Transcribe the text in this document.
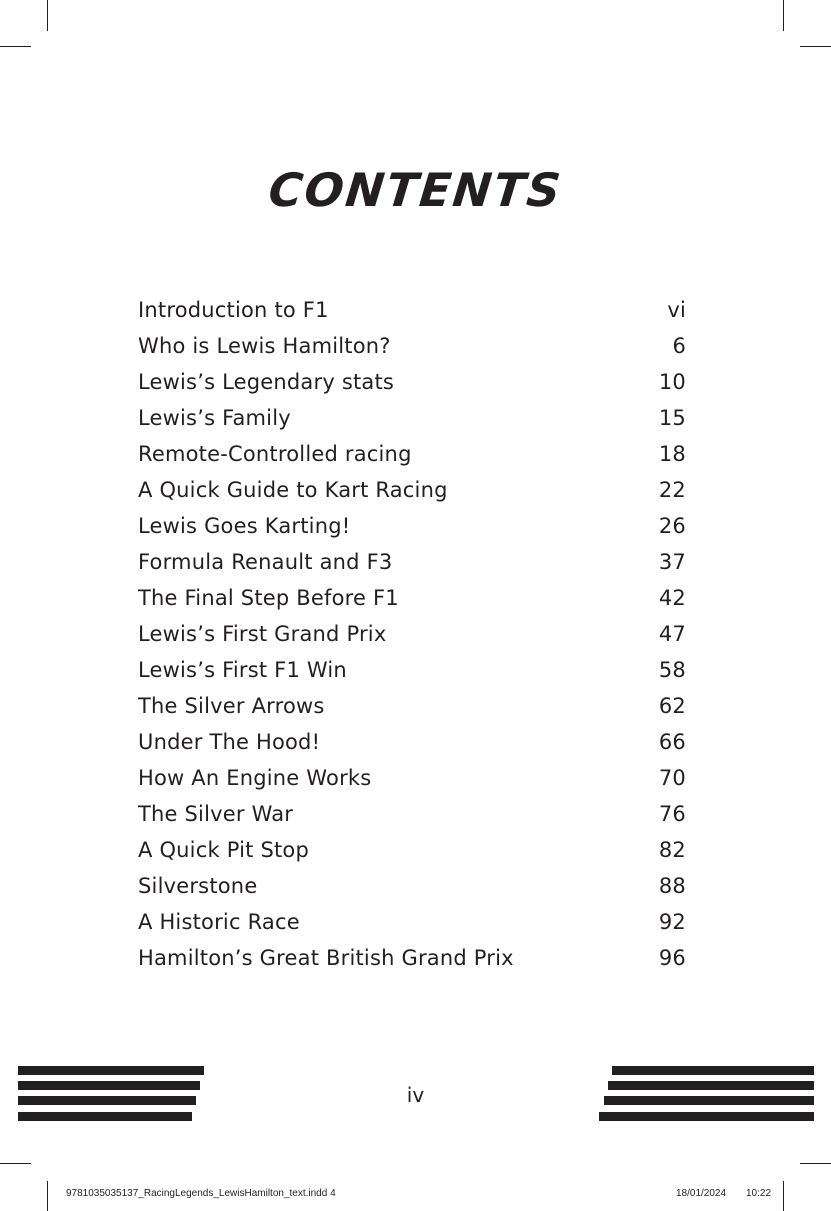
CONTENTS
Introduction to F1	vi
Who is Lewis Hamilton?	6
Lewis’s Legendary stats	10
Lewis’s Family	15
Remote-Controlled racing	18
A Quick Guide to Kart Racing	22
Lewis Goes Karting!	26
Formula Renault and F3	37
The Final Step Before F1	42
Lewis’s First Grand Prix	47
Lewis’s First F1 Win	58
The Silver Arrows	62
Under The Hood!	66
How An Engine Works	70
The Silver War	76
A Quick Pit Stop	82
Silverstone	88
A Historic Race	92
Hamilton’s Great British Grand Prix	96
iv
9781035035137_RacingLegends_LewisHamilton_text.indd 4	18/01/2024 10:22
